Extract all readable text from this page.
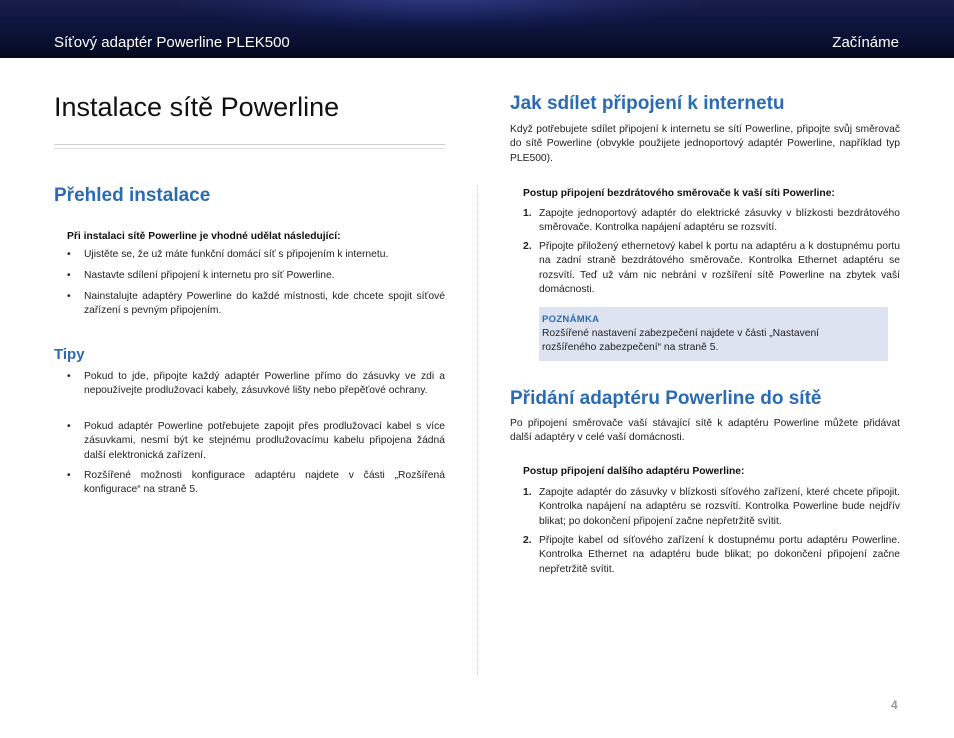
Síťový adaptér Powerline PLEK500	Začínáme
Instalace sítě Powerline
Přehled instalace
Při instalaci sítě Powerline je vhodné udělat následující:
• Ujistěte se, že už máte funkční domácí síť s připojením k internetu.
• Nastavte sdílení připojení k internetu pro síť Powerline.
• Nainstalujte adaptéry Powerline do každé místnosti, kde chcete spojit síťové zařízení s pevným připojením.
Tipy
• Pokud to jde, připojte každý adaptér Powerline přímo do zásuvky ve zdi a nepoužívejte prodlužovací kabely, zásuvkové lišty nebo přepěťové ochrany.
• Pokud adaptér Powerline potřebujete zapojit přes prodlužovací kabel s více zásuvkami, nesmí být ke stejnému prodlužovacímu kabelu připojena žádná další elektronická zařízení.
• Rozšířené možnosti konfigurace adaptéru najdete v části „Rozšířená konfigurace“ na straně 5.
Jak sdílet připojení k internetu
Když potřebujete sdílet připojení k internetu se sítí Powerline, připojte svůj směrovač do sítě Powerline (obvykle použijete jednoportový adaptér Powerline, například typ PLE500).
Postup připojení bezdrátového směrovače k vaší síti Powerline:
1. Zapojte jednoportový adaptér do elektrické zásuvky v blízkosti bezdrátového směrovače. Kontrolka napájení adaptéru se rozsvítí.
2. Připojte přiložený ethernetový kabel k portu na adaptéru a k dostupnému portu na zadní straně bezdrátového směrovače. Kontrolka Ethernet adaptéru se rozsvítí. Teď už vám nic nebrání v rozšíření sítě Powerline na zbytek vaší domácnosti.
POZNÁMKA
Rozšířené nastavení zabezpečení najdete v části „Nastavení rozšířeného zabezpečení“ na straně 5.
Přidání adaptéru Powerline do sítě
Po připojení směrovače vaší stávající sítě k adaptéru Powerline můžete přidávat další adaptéry v celé vaší domácnosti.
Postup připojení dalšího adaptéru Powerline:
1. Zapojte adaptér do zásuvky v blízkosti síťového zařízení, které chcete připojit. Kontrolka napájení na adaptéru se rozsvítí. Kontrolka Powerline bude nejdřív blikat; po dokončení připojení začne nepřetržitě svítit.
2. Připojte kabel od síťového zařízení k dostupnému portu adaptéru Powerline. Kontrolka Ethernet na adaptéru bude blikat; po dokončení připojení začne nepřetržitě svítit.
4
